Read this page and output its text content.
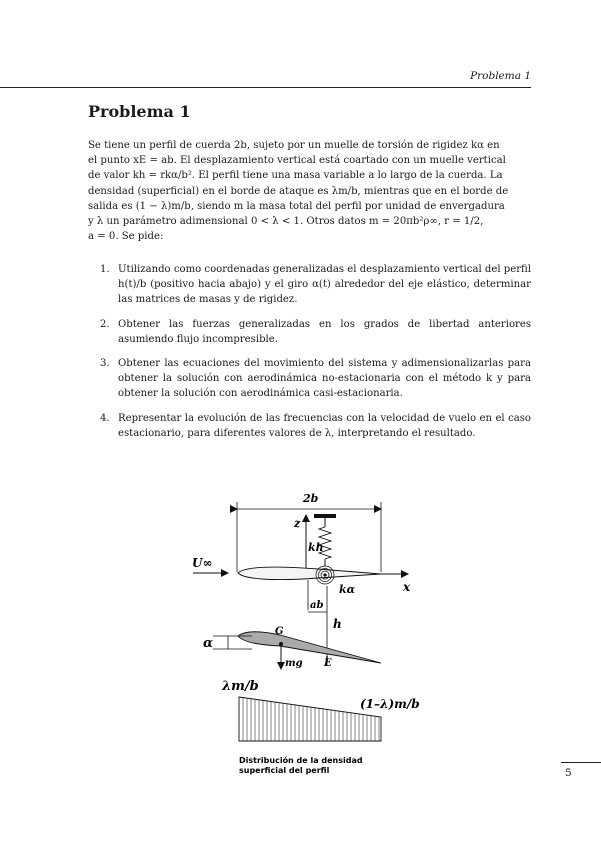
Problema 1
Problema 1
Se tiene un perfil de cuerda 2b, sujeto por un muelle de torsión de rigidez kα en
el punto xE = ab. El desplazamiento vertical está coartado con un muelle vertical
de valor kh = rkα/b². El perfil tiene una masa variable a lo largo de la cuerda. La
densidad (superficial) en el borde de ataque es λm/b, mientras que en el borde de
salida es (1 − λ)m/b, siendo m la masa total del perfil por unidad de envergadura
y λ un parámetro adimensional 0 < λ < 1. Otros datos m = 20πb²ρ∞, r = 1/2,
a = 0. Se pide:
1. Utilizando como coordenadas generalizadas el desplazamiento vertical del perfil h(t)/b (positivo hacia abajo) y el giro α(t) alrededor del eje elástico, determinar las matrices de masas y de rigidez.
2. Obtener las fuerzas generalizadas en los grados de libertad anteriores asumiendo flujo incompresible.
3. Obtener las ecuaciones del movimiento del sistema y adimensionalizarlas para obtener la solución con aerodinámica no-estacionaria con el método k y para obtener la solución con aerodinámica casi-estacionaria.
4. Representar la evolución de las frecuencias con la velocidad de vuelo en el caso estacionario, para diferentes valores de λ, interpretando el resultado.
2b
z
kh
U∞
x
kα
ab
h
α
G
mg E
λm/b
(1–λ)m/b
Distribución de la densidad
superficial del perfil	5
